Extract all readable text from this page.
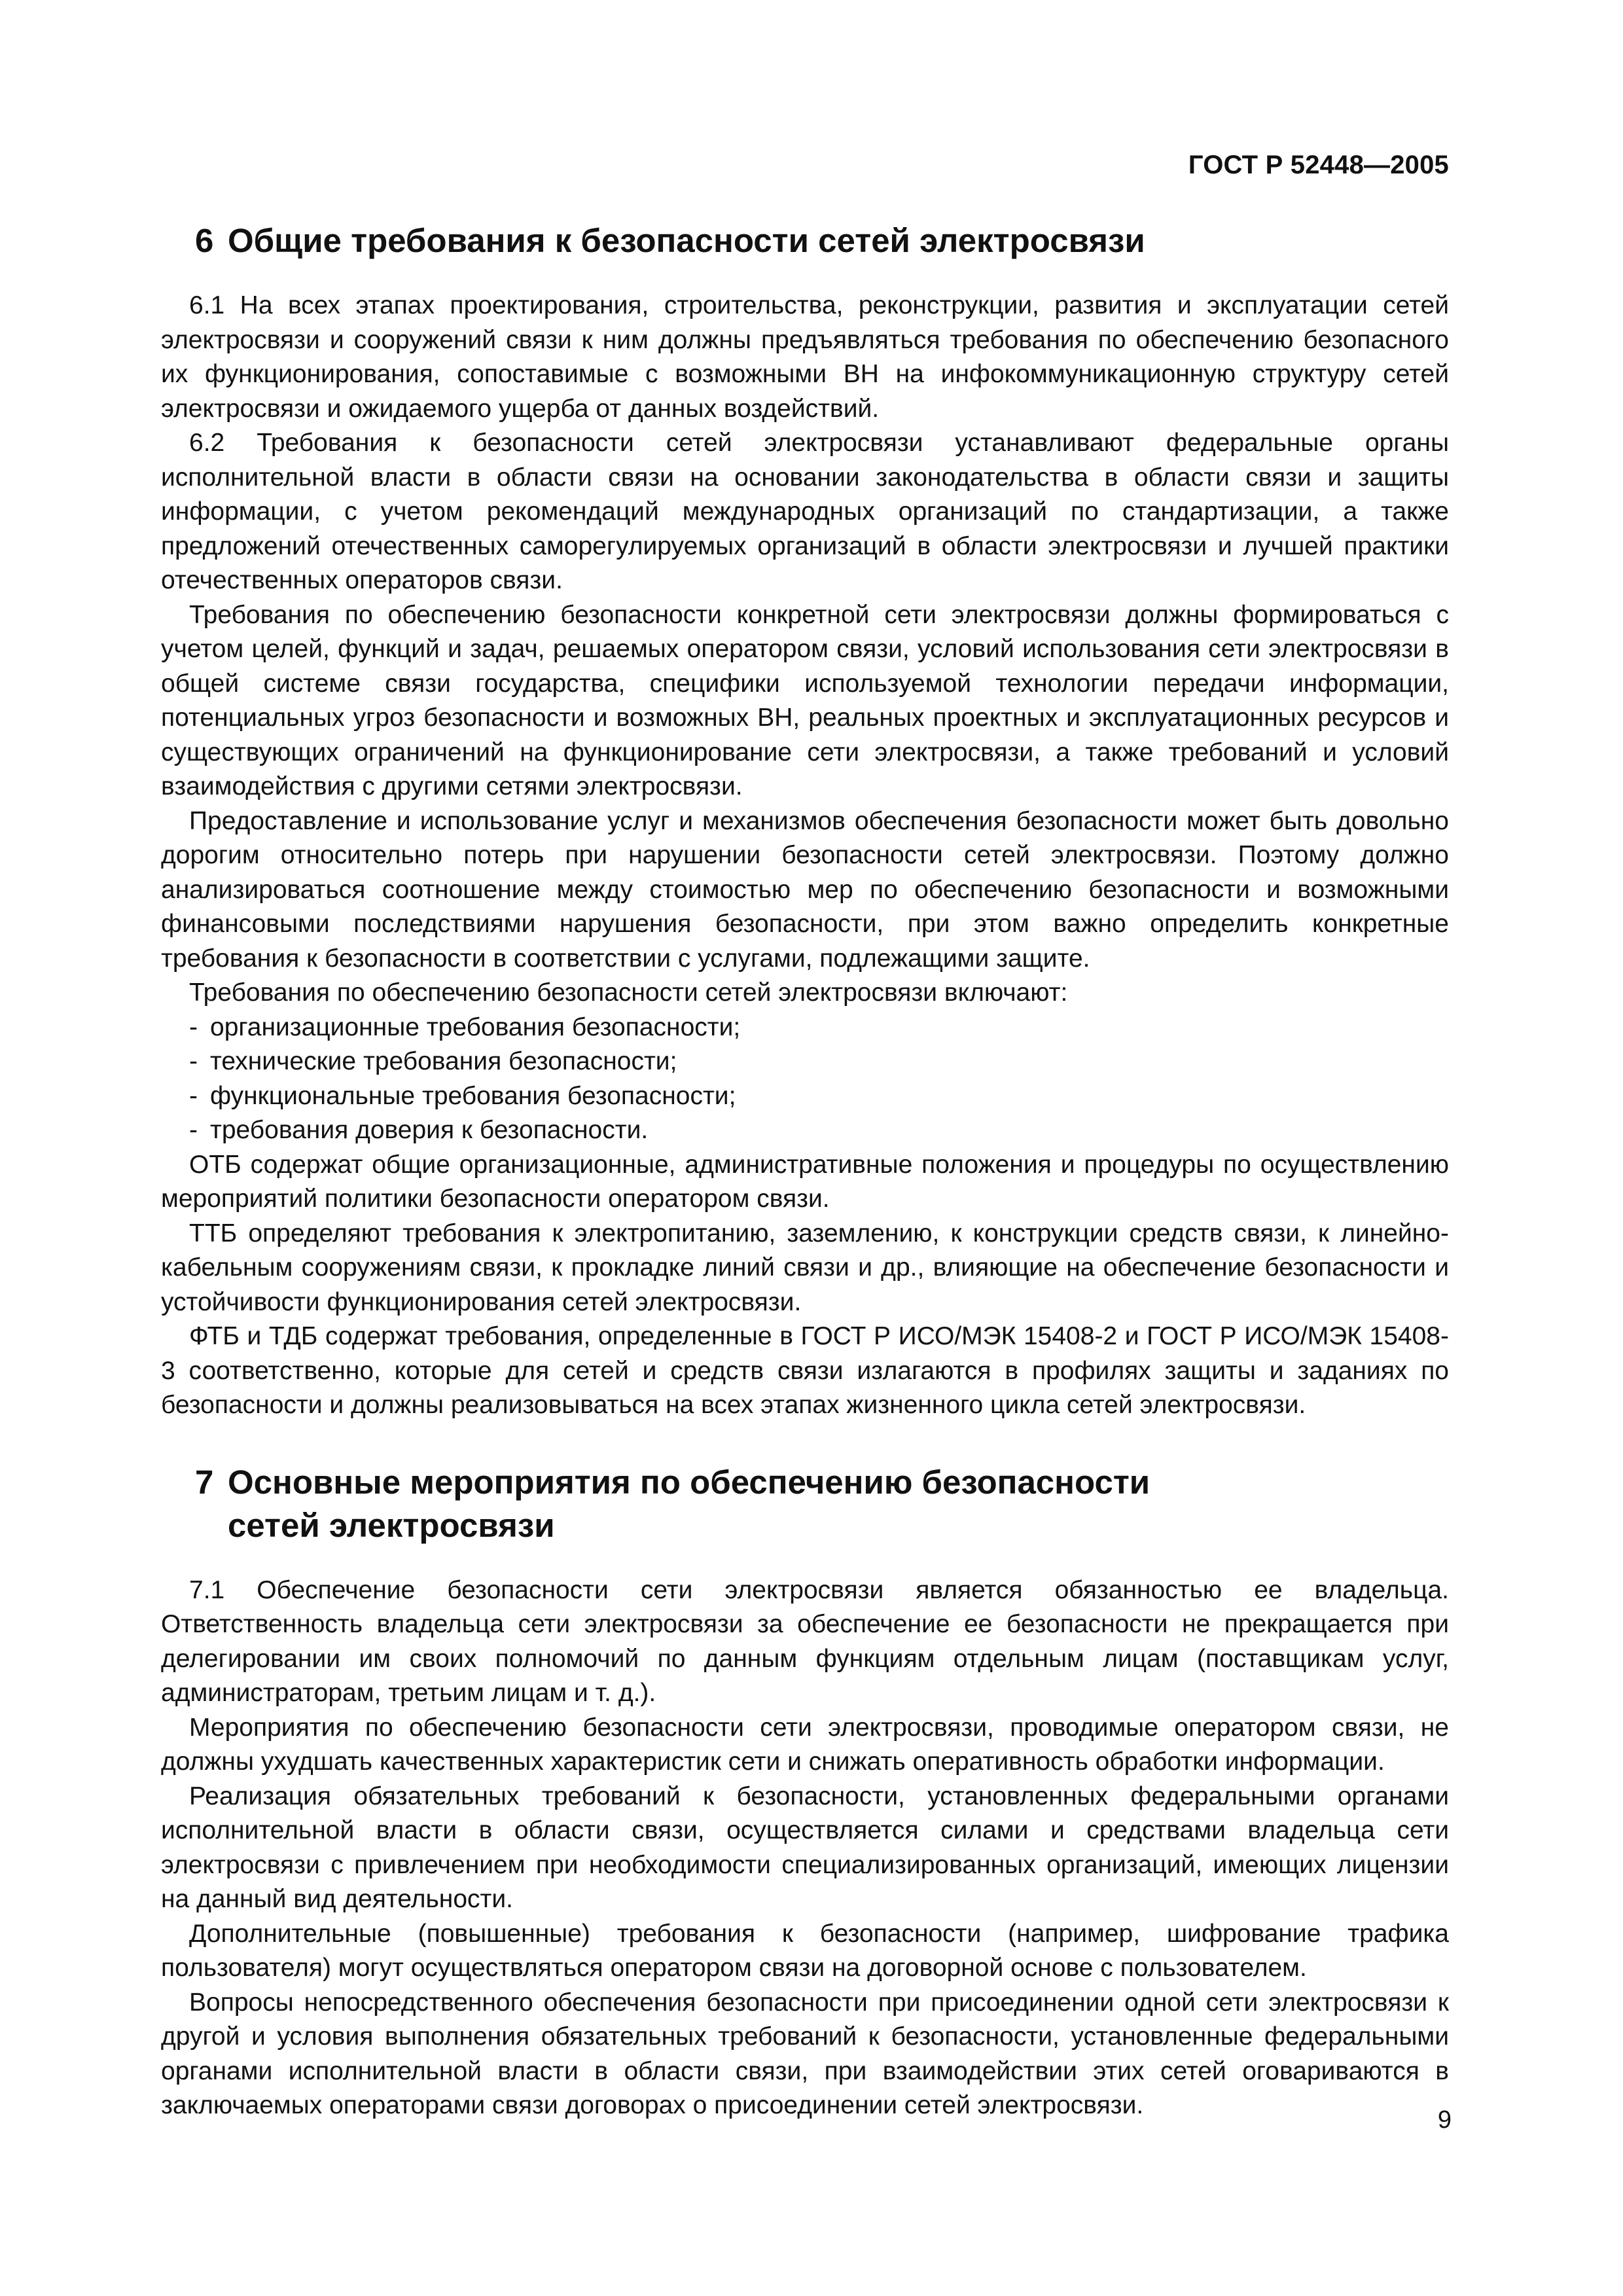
ГОСТ Р 52448—2005
6 Общие требования к безопасности сетей электросвязи

6.1 На всех этапах проектирования, строительства, реконструкции, развития и эксплуатации сетей электросвязи и сооружений связи к ним должны предъявляться требования по обеспечению безопасного их функционирования, сопоставимые с возможными ВН на инфокоммуникационную структуру сетей электросвязи и ожидаемого ущерба от данных воздействий.

6.2 Требования к безопасности сетей электросвязи устанавливают федеральные органы исполнительной власти в области связи на основании законодательства в области связи и защиты информации, с учетом рекомендаций международных организаций по стандартизации, а также предложений отечественных саморегулируемых организаций в области электросвязи и лучшей практики отечественных операторов связи.

Требования по обеспечению безопасности конкретной сети электросвязи должны формироваться с учетом целей, функций и задач, решаемых оператором связи, условий использования сети электросвязи в общей системе связи государства, специфики используемой технологии передачи информации, потенциальных угроз безопасности и возможных ВН, реальных проектных и эксплуатационных ресурсов и существующих ограничений на функционирование сети электросвязи, а также требований и условий взаимодействия с другими сетями электросвязи.

Предоставление и использование услуг и механизмов обеспечения безопасности может быть довольно дорогим относительно потерь при нарушении безопасности сетей электросвязи. Поэтому должно анализироваться соотношение между стоимостью мер по обеспечению безопасности и возможными финансовыми последствиями нарушения безопасности, при этом важно определить конкретные требования к безопасности в соответствии с услугами, подлежащими защите.

Требования по обеспечению безопасности сетей электросвязи включают:

- организационные требования безопасности;
- технические требования безопасности;
- функциональные требования безопасности;
- требования доверия к безопасности.

ОТБ содержат общие организационные, административные положения и процедуры по осуществлению мероприятий политики безопасности оператором связи.

ТТБ определяют требования к электропитанию, заземлению, к конструкции средств связи, к линейно-кабельным сооружениям связи, к прокладке линий связи и др., влияющие на обеспечение безопасности и устойчивости функционирования сетей электросвязи.

ФТБ и ТДБ содержат требования, определенные в ГОСТ Р ИСО/МЭК 15408-2 и ГОСТ Р ИСО/МЭК 15408-3 соответственно, которые для сетей и средств связи излагаются в профилях защиты и заданиях по безопасности и должны реализовываться на всех этапах жизненного цикла сетей электросвязи.

7 Основные мероприятия по обеспечению безопасности
сетей электросвязи

7.1 Обеспечение безопасности сети электросвязи является обязанностью ее владельца. Ответственность владельца сети электросвязи за обеспечение ее безопасности не прекращается при делегировании им своих полномочий по данным функциям отдельным лицам (поставщикам услуг, администраторам, третьим лицам и т. д.).

Мероприятия по обеспечению безопасности сети электросвязи, проводимые оператором связи, не должны ухудшать качественных характеристик сети и снижать оперативность обработки информации.

Реализация обязательных требований к безопасности, установленных федеральными органами исполнительной власти в области связи, осуществляется силами и средствами владельца сети электросвязи с привлечением при необходимости специализированных организаций, имеющих лицензии на данный вид деятельности.

Дополнительные (повышенные) требования к безопасности (например, шифрование трафика пользователя) могут осуществляться оператором связи на договорной основе с пользователем.

Вопросы непосредственного обеспечения безопасности при присоединении одной сети электросвязи к другой и условия выполнения обязательных требований к безопасности, установленные федеральными органами исполнительной власти в области связи, при взаимодействии этих сетей оговариваются в заключаемых операторами связи договорах о присоединении сетей электросвязи.

9
